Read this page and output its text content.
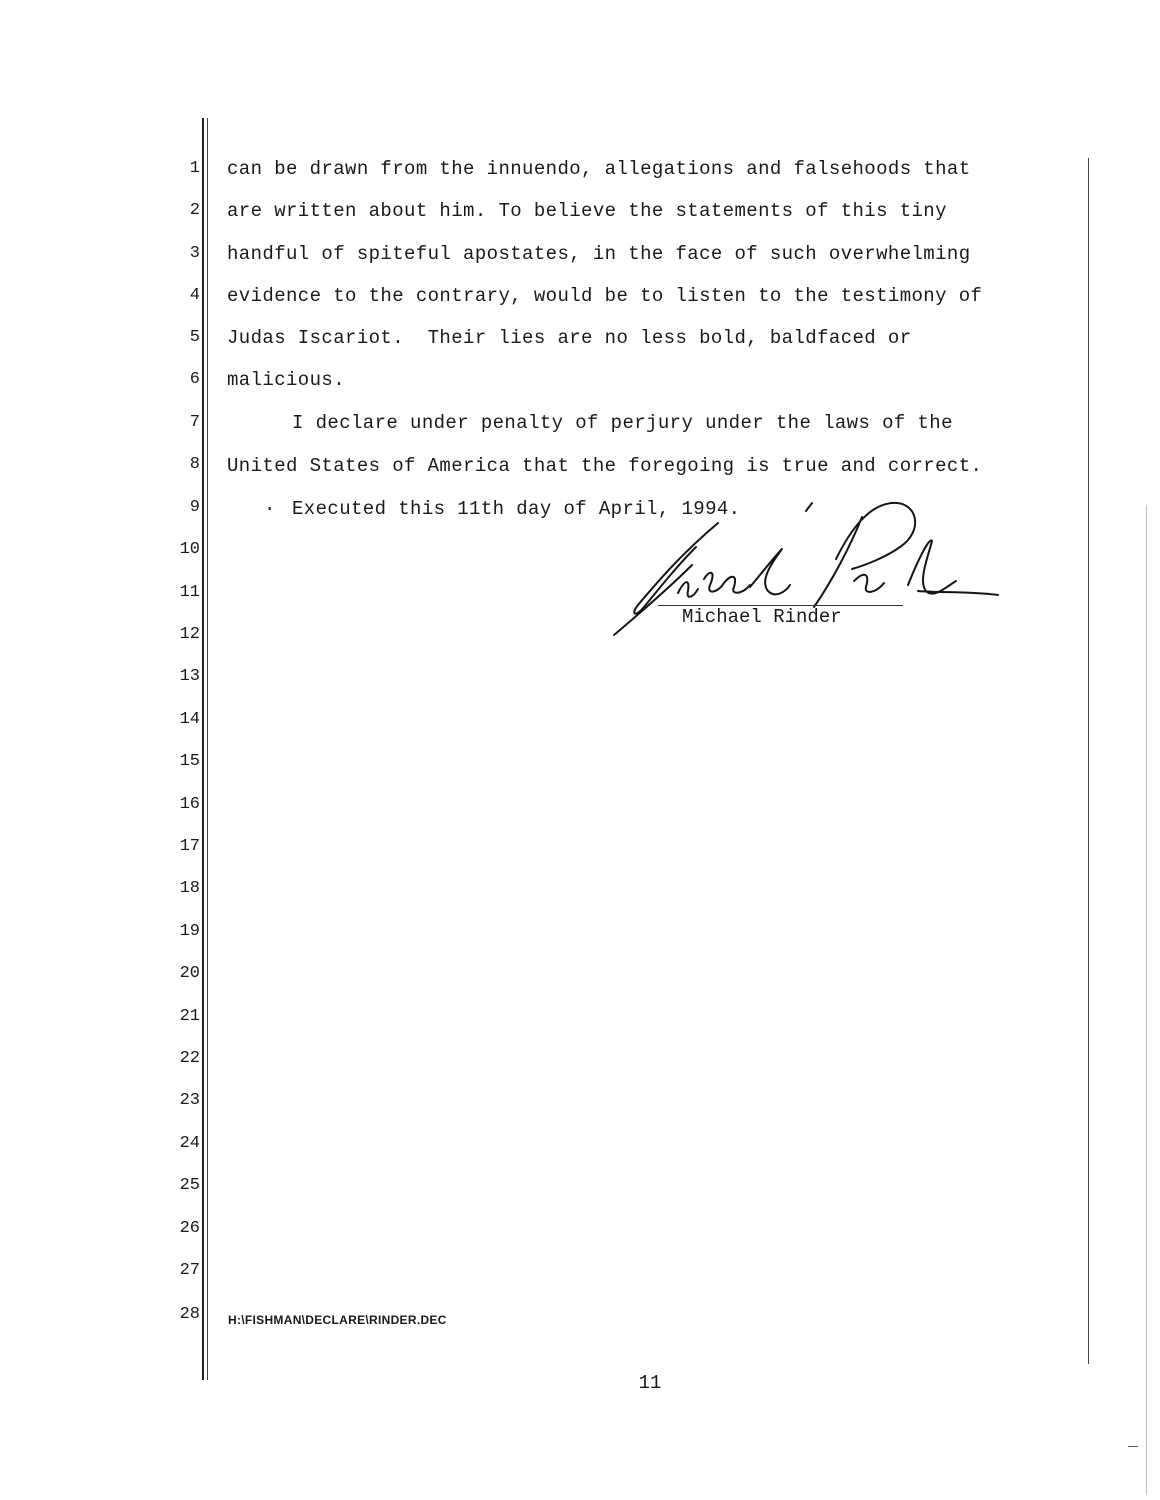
1
2
3
4
5
6
7
8
9
10
11
12
13
14
15
16
17
18
19
20
21
22
23
24
25
26
27
28
can be drawn from the innuendo, allegations and falsehoods that
are written about him. To believe the statements of this tiny
handful of spiteful apostates, in the face of such overwhelming
evidence to the contrary, would be to listen to the testimony of
Judas Iscariot.  Their lies are no less bold, baldfaced or
malicious.
I declare under penalty of perjury under the laws of the
United States of America that the foregoing is true and correct.
· Executed this 11th day of April, 1994.
Michael Rinder
H:\FISHMAN\DECLARE\RINDER.DEC
11
